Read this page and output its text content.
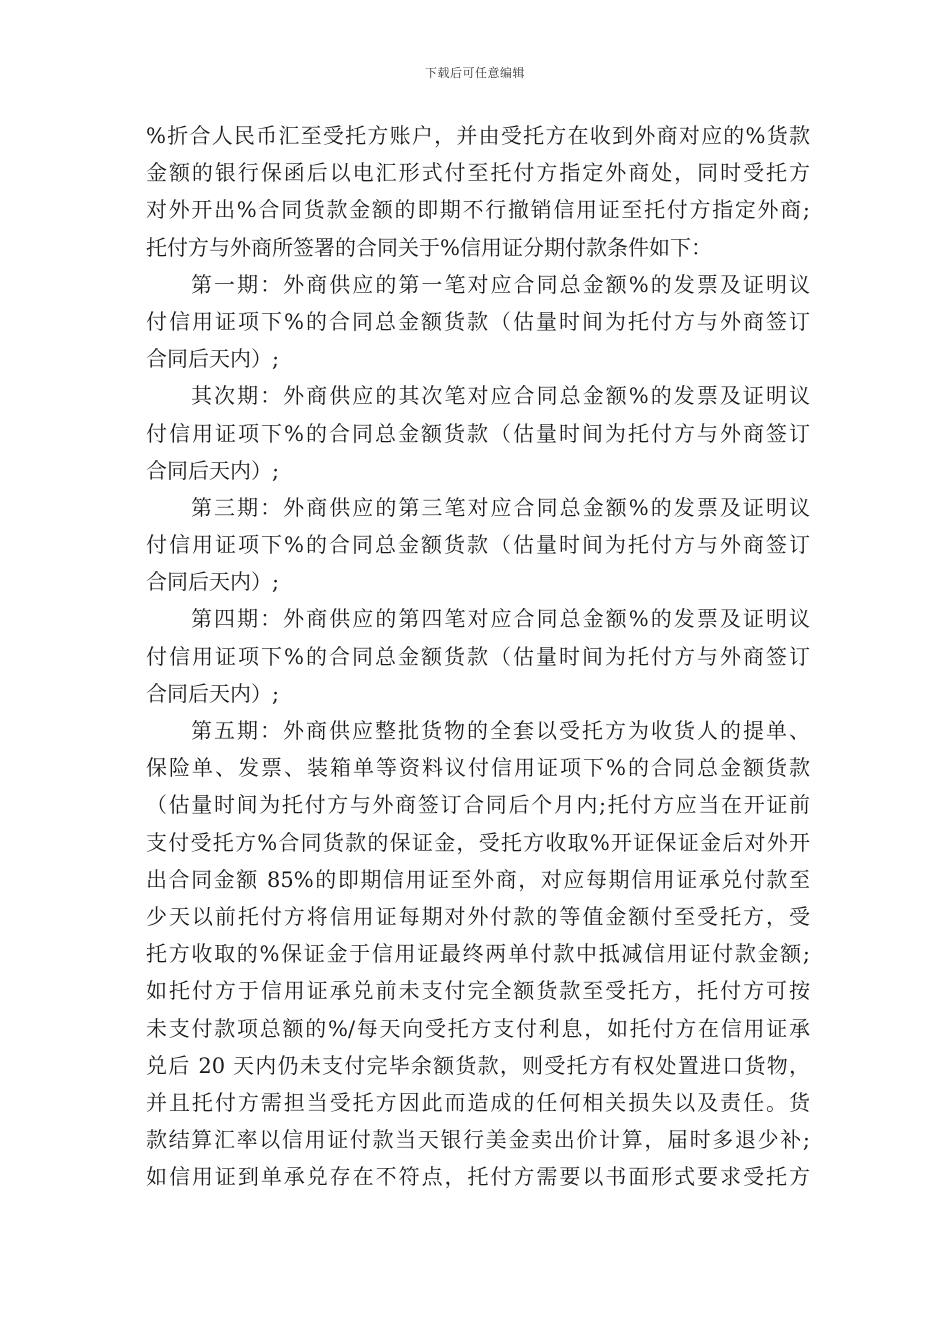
下载后可任意编辑
%折合人民币汇至受托方账户，并由受托方在收到外商对应的%货款
金额的银行保函后以电汇形式付至托付方指定外商处，同时受托方
对外开出%合同货款金额的即期不行撤销信用证至托付方指定外商;
托付方与外商所签署的合同关于%信用证分期付款条件如下：
第一期：外商供应的第一笔对应合同总金额%的发票及证明议
付信用证项下%的合同总金额货款（估量时间为托付方与外商签订
合同后天内）;
其次期：外商供应的其次笔对应合同总金额%的发票及证明议
付信用证项下%的合同总金额货款（估量时间为托付方与外商签订
合同后天内）;
第三期：外商供应的第三笔对应合同总金额%的发票及证明议
付信用证项下%的合同总金额货款（估量时间为托付方与外商签订
合同后天内）;
第四期：外商供应的第四笔对应合同总金额%的发票及证明议
付信用证项下%的合同总金额货款（估量时间为托付方与外商签订
合同后天内）;
第五期：外商供应整批货物的全套以受托方为收货人的提单、
保险单、发票、装箱单等资料议付信用证项下%的合同总金额货款
（估量时间为托付方与外商签订合同后个月内;托付方应当在开证前
支付受托方%合同货款的保证金，受托方收取%开证保证金后对外开
出合同金额 85%的即期信用证至外商，对应每期信用证承兑付款至
少天以前托付方将信用证每期对外付款的等值金额付至受托方，受
托方收取的%保证金于信用证最终两单付款中抵减信用证付款金额;
如托付方于信用证承兑前未支付完全额货款至受托方，托付方可按
未支付款项总额的%/每天向受托方支付利息，如托付方在信用证承
兑后 20 天内仍未支付完毕余额货款，则受托方有权处置进口货物，
并且托付方需担当受托方因此而造成的任何相关损失以及责任。货
款结算汇率以信用证付款当天银行美金卖出价计算，届时多退少补;
如信用证到单承兑存在不符点，托付方需要以书面形式要求受托方
